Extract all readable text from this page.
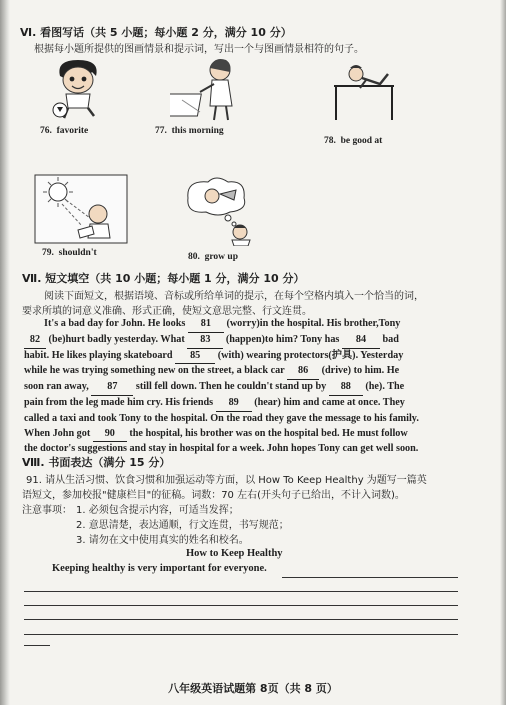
Ⅵ. 看图写话（共 5 小题；每小题 2 分，满分 10 分）
根据每小题所提供的图画情景和提示词，写出一个与图画情景相符的句子。
76. favorite	77. this morning
78. be good at
79. shouldn't	80. grow up
Ⅶ. 短文填空（共 10 小题；每小题 1 分，满分 10 分）
阅读下面短文，根据语境、音标或所给单词的提示，在每个空格内填入一个恰当的词，
要求所填的词意义准确、形式正确，使短文意思完整、行文连贯。
It's a bad day for John. He looks 81 (worry)in the hospital. His brother,Tony
82 (be)hurt badly yesterday. What 83 (happen)to him? Tony has 84 bad
habit. He likes playing skateboard 85 (with) wearing protectors(护具). Yesterday
while he was trying something new on the street, a black car 86 (drive) to him. He
soon ran away, 87 still fell down. Then he couldn't stand up by 88 (he). The
pain from the leg made him cry. His friends 89 (hear) him and came at once. They
called a taxi and took Tony to the hospital. On the road they gave the message to his family.
When John got 90 the hospital, his brother was on the hospital bed. He must follow
the doctor's suggestions and stay in hospital for a week. John hopes Tony can get well soon.
Ⅷ. 书面表达（满分 15 分）
91. 请从生活习惯、饮食习惯和加强运动等方面，以 How To Keep Healthy 为题写一篇英
语短文，参加校报"健康栏目"的征稿。词数：70 左右(开头句子已给出，不计入词数)。
注意事项： 1. 必须包含提示内容，可适当发挥；
2. 意思清楚，表达通顺，行文连贯，书写规范；
3. 请勿在文中使用真实的姓名和校名。
How to Keep Healthy
Keeping healthy is very important for everyone.
八年级英语试题第 8页（共 8 页）
